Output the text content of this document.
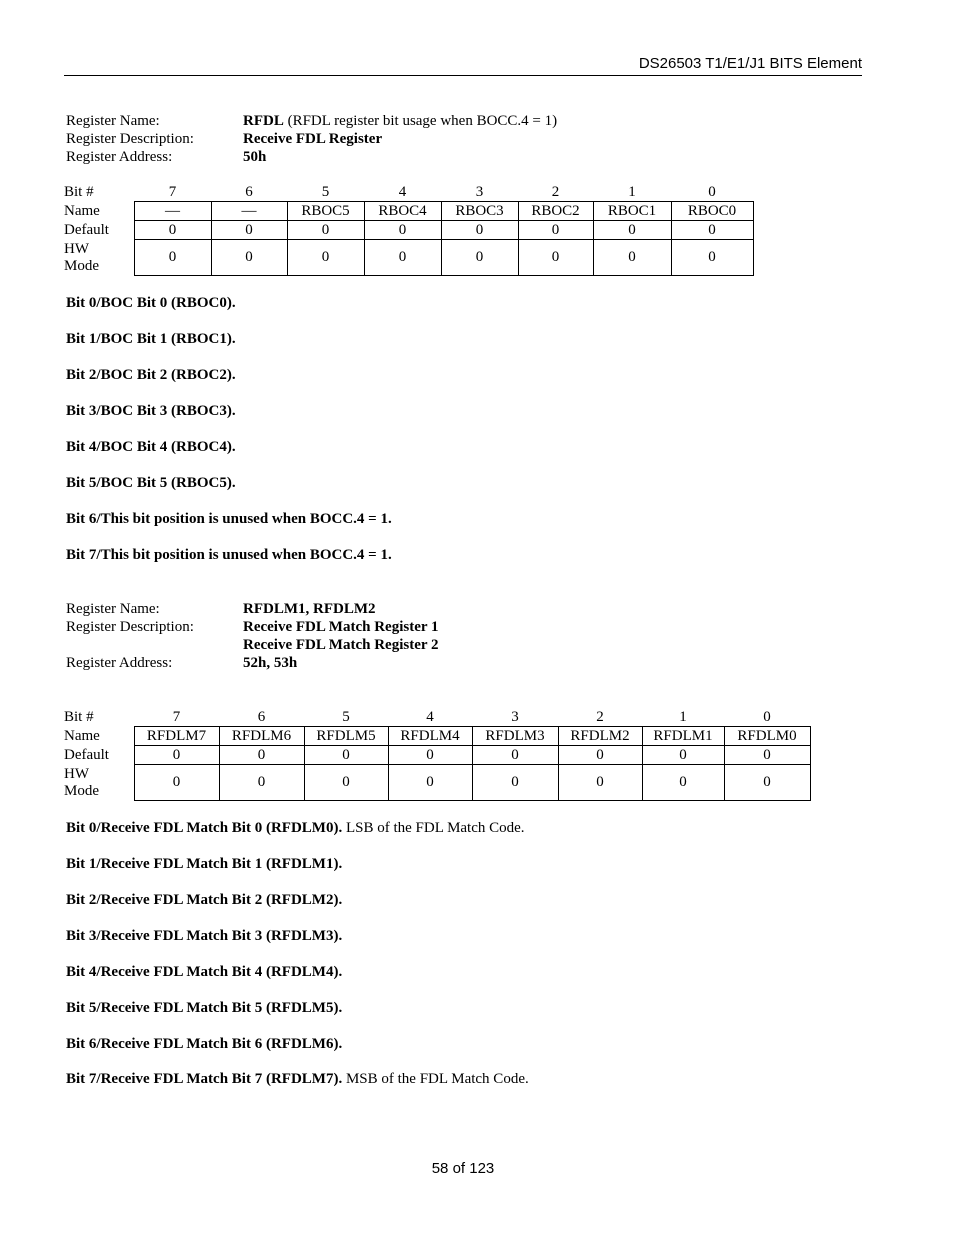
DS26503 T1/E1/J1 BITS Element
Register Name:	RFDL (RFDL register bit usage when BOCC.4 = 1)
Register Description:	Receive FDL Register
Register Address:	50h
Bit #	7	6	5	4	3	2	1	0
Name	—	—	RBOC5	RBOC4	RBOC3	RBOC2	RBOC1	RBOC0
Default	0	0	0	0	0	0	0	0
HW
Mode	0	0	0	0	0	0	0	0
Bit 0/BOC Bit 0 (RBOC0).
Bit 1/BOC Bit 1 (RBOC1).
Bit 2/BOC Bit 2 (RBOC2).
Bit 3/BOC Bit 3 (RBOC3).
Bit 4/BOC Bit 4 (RBOC4).
Bit 5/BOC Bit 5 (RBOC5).
Bit 6/This bit position is unused when BOCC.4 = 1.
Bit 7/This bit position is unused when BOCC.4 = 1.
Register Name:	RFDLM1, RFDLM2
Register Description:	Receive FDL Match Register 1
Receive FDL Match Register 2
Register Address:	52h, 53h
Bit #	7	6	5	4	3	2	1	0
Name	RFDLM7	RFDLM6	RFDLM5	RFDLM4	RFDLM3	RFDLM2	RFDLM1	RFDLM0
Default	0	0	0	0	0	0	0	0
HW
Mode	0	0	0	0	0	0	0	0
Bit 0/Receive FDL Match Bit 0 (RFDLM0). LSB of the FDL Match Code.
Bit 1/Receive FDL Match Bit 1 (RFDLM1).
Bit 2/Receive FDL Match Bit 2 (RFDLM2).
Bit 3/Receive FDL Match Bit 3 (RFDLM3).
Bit 4/Receive FDL Match Bit 4 (RFDLM4).
Bit 5/Receive FDL Match Bit 5 (RFDLM5).
Bit 6/Receive FDL Match Bit 6 (RFDLM6).
Bit 7/Receive FDL Match Bit 7 (RFDLM7). MSB of the FDL Match Code.
58 of 123
